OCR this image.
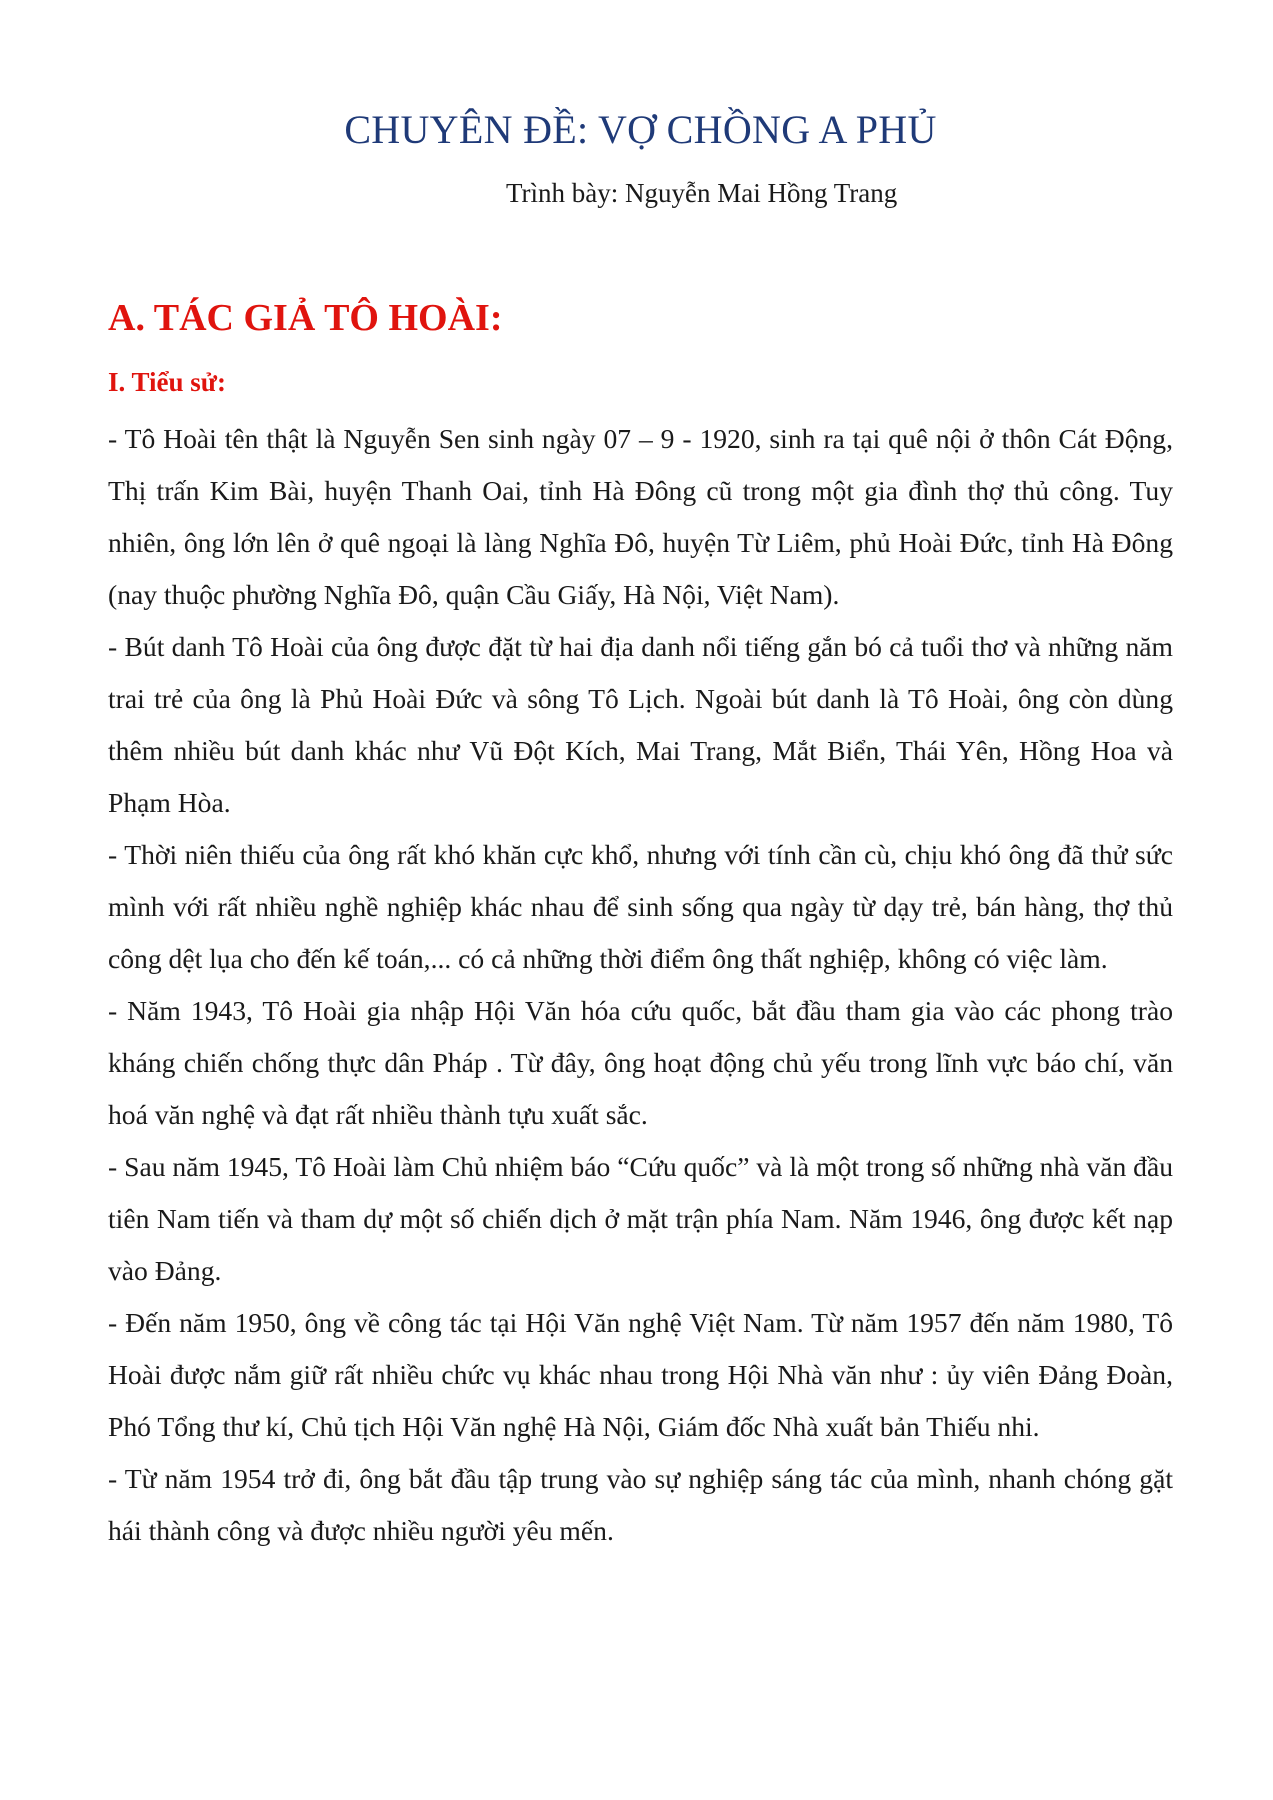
CHUYÊN ĐỀ: VỢ CHỒNG A PHỦ
Trình bày: Nguyễn Mai Hồng Trang
A. TÁC GIẢ TÔ HOÀI:
I. Tiểu sử:

- Tô Hoài tên thật là Nguyễn Sen sinh ngày 07 – 9 - 1920, sinh ra tại quê nội ở thôn Cát Động, Thị trấn Kim Bài, huyện Thanh Oai, tỉnh Hà Đông cũ trong một gia đình thợ thủ công. Tuy nhiên, ông lớn lên ở quê ngoại là làng Nghĩa Đô, huyện Từ Liêm, phủ Hoài Đức, tỉnh Hà Đông (nay thuộc phường Nghĩa Đô, quận Cầu Giấy, Hà Nội, Việt Nam).

- Bút danh Tô Hoài của ông được đặt từ hai địa danh nổi tiếng gắn bó cả tuổi thơ và những năm trai trẻ của ông là Phủ Hoài Đức và sông Tô Lịch. Ngoài bút danh là Tô Hoài, ông còn dùng thêm nhiều bút danh khác như Vũ Đột Kích, Mai Trang, Mắt Biển, Thái Yên, Hồng Hoa và Phạm Hòa.

- Thời niên thiếu của ông rất khó khăn cực khổ, nhưng với tính cần cù, chịu khó ông đã thử sức mình với rất nhiều nghề nghiệp khác nhau để sinh sống qua ngày từ dạy trẻ, bán hàng, thợ thủ công dệt lụa cho đến kế toán,... có cả những thời điểm ông thất nghiệp, không có việc làm.

- Năm 1943, Tô Hoài gia nhập Hội Văn hóa cứu quốc, bắt đầu tham gia vào các phong trào kháng chiến chống thực dân Pháp . Từ đây, ông hoạt động chủ yếu trong lĩnh vực báo chí, văn hoá văn nghệ và đạt rất nhiều thành tựu xuất sắc.

- Sau năm 1945, Tô Hoài làm Chủ nhiệm báo “Cứu quốc” và là một trong số những nhà văn đầu tiên Nam tiến và tham dự một số chiến dịch ở mặt trận phía Nam. Năm 1946, ông được kết nạp vào Đảng.

- Đến năm 1950, ông về công tác tại Hội Văn nghệ Việt Nam. Từ năm 1957 đến năm 1980, Tô Hoài được nắm giữ rất nhiều chức vụ khác nhau trong Hội Nhà văn như : ủy viên Đảng Đoàn, Phó Tổng thư kí, Chủ tịch Hội Văn nghệ Hà Nội, Giám đốc Nhà xuất bản Thiếu nhi.

- Từ năm 1954 trở đi, ông bắt đầu tập trung vào sự nghiệp sáng tác của mình, nhanh chóng gặt hái thành công và được nhiều người yêu mến.
